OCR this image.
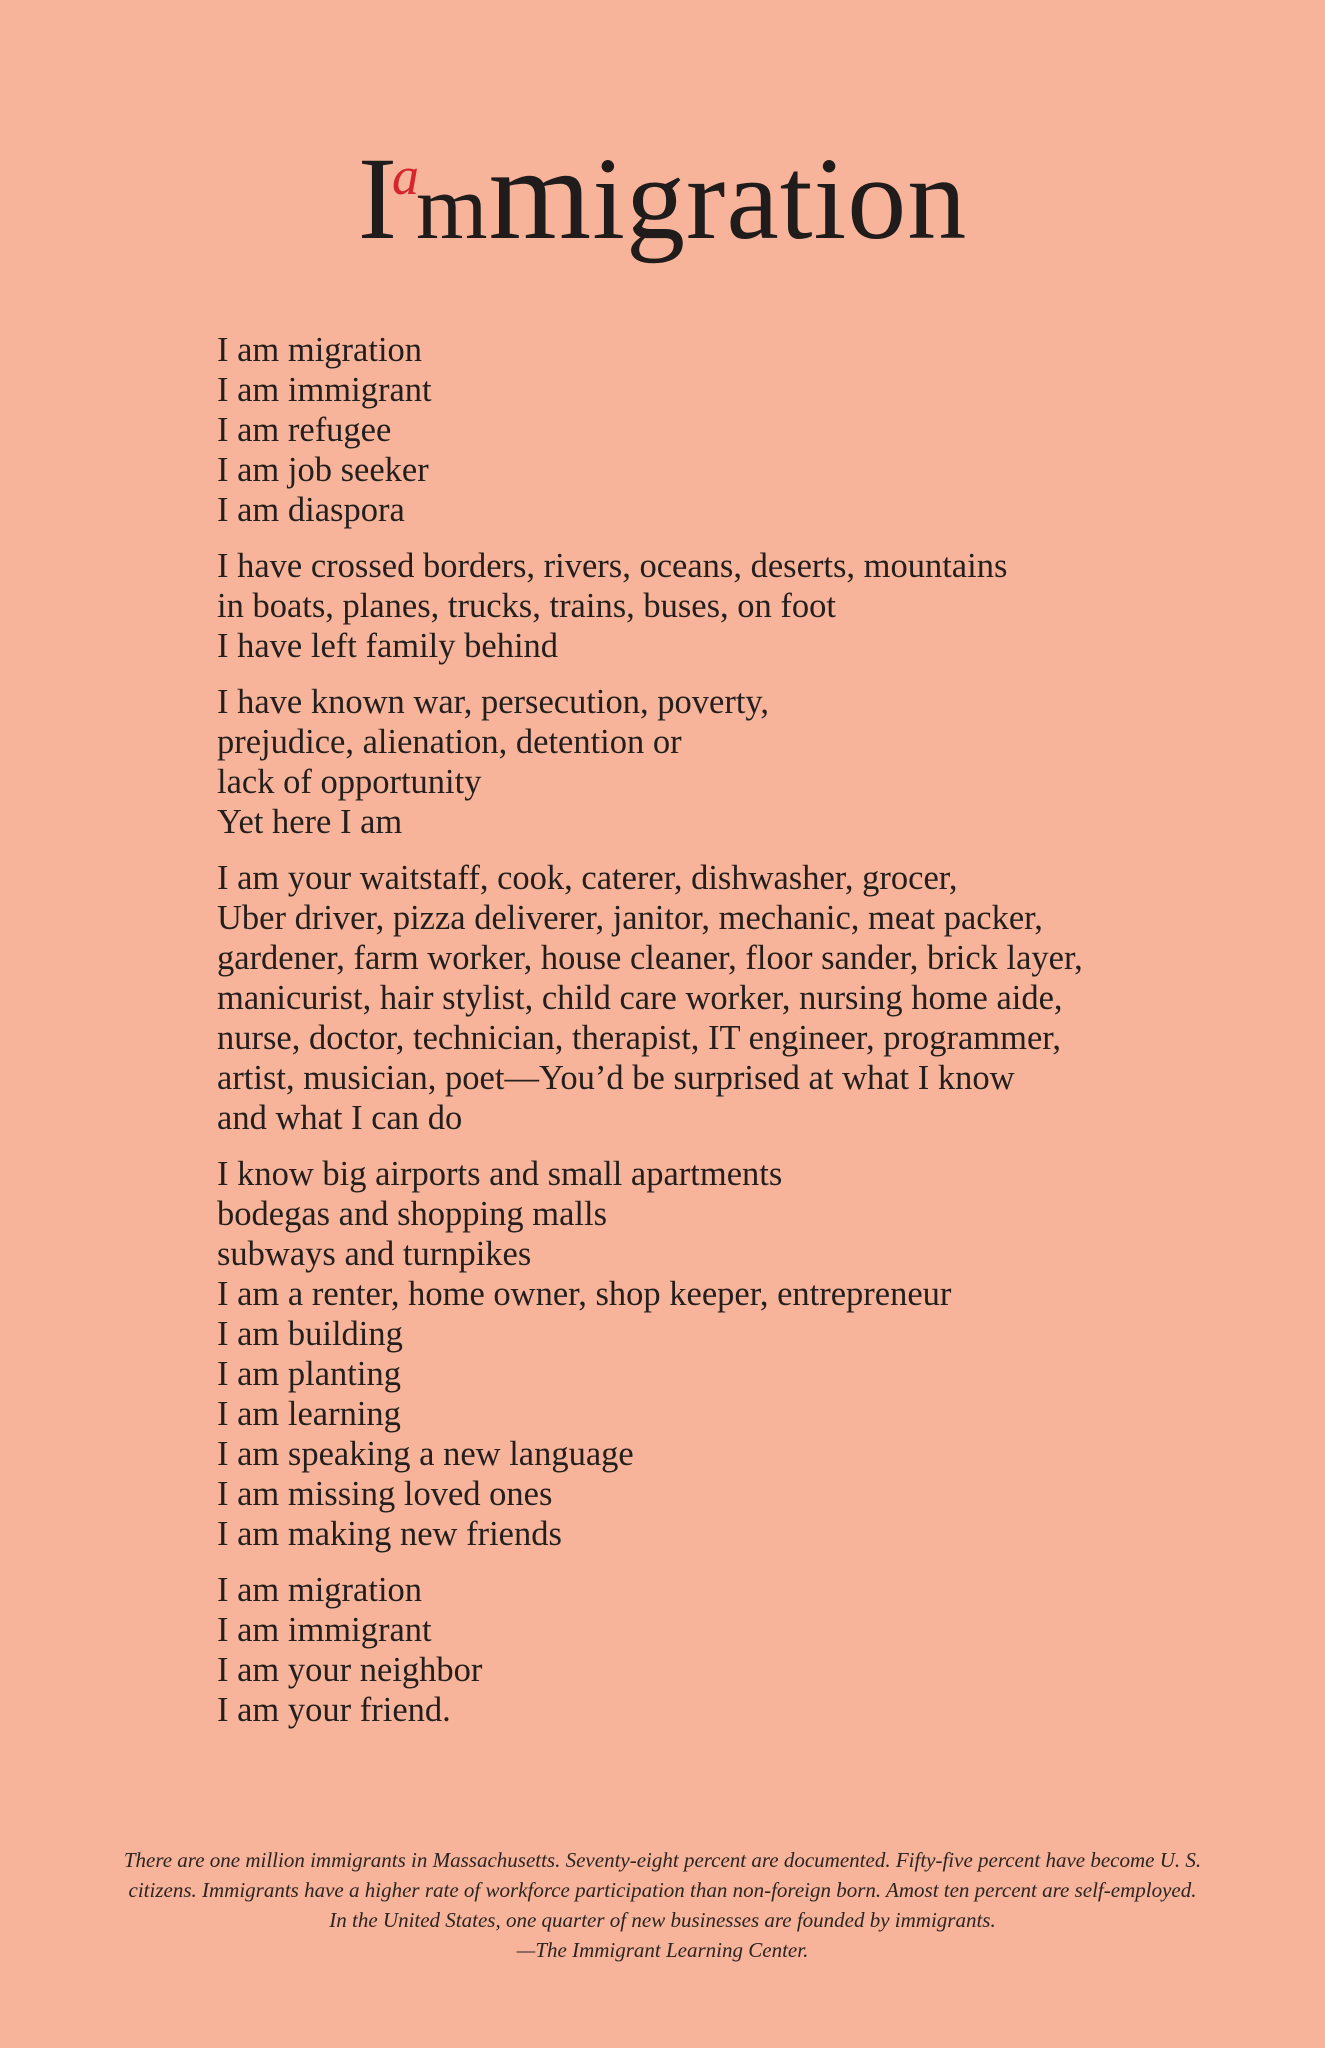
$I^ammigration$
I am migration
I am immigrant
I am refugee
I am job seeker
I am diaspora
I have crossed borders, rivers, oceans, deserts, mountains
in boats, planes, trucks, trains, buses, on foot
I have left family behind
I have known war, persecution, poverty,
prejudice, alienation, detention or
lack of opportunity
Yet here I am
I am your waitstaff, cook, caterer, dishwasher, grocer,
Uber driver, pizza deliverer, janitor, mechanic, meat packer,
gardener, farm worker, house cleaner, floor sander, brick layer,
manicurist, hair stylist, child care worker, nursing home aide,
nurse, doctor, technician, therapist, IT engineer, programmer,
artist, musician, poet—You’d be surprised at what I know
and what I can do
I know big airports and small apartments
bodegas and shopping malls
subways and turnpikes
I am a renter, home owner, shop keeper, entrepreneur
I am building
I am planting
I am learning
I am speaking a new language
I am missing loved ones
I am making new friends
I am migration
I am immigrant
I am your neighbor
I am your friend.
There are one million immigrants in Massachusetts. Seventy-eight percent are documented. Fifty-five percent have become U. S. citizens. Immigrants have a higher rate of workforce participation than non-foreign born. Amost ten percent are self-employed. In the United States, one quarter of new businesses are founded by immigrants.
—The Immigrant Learning Center.
